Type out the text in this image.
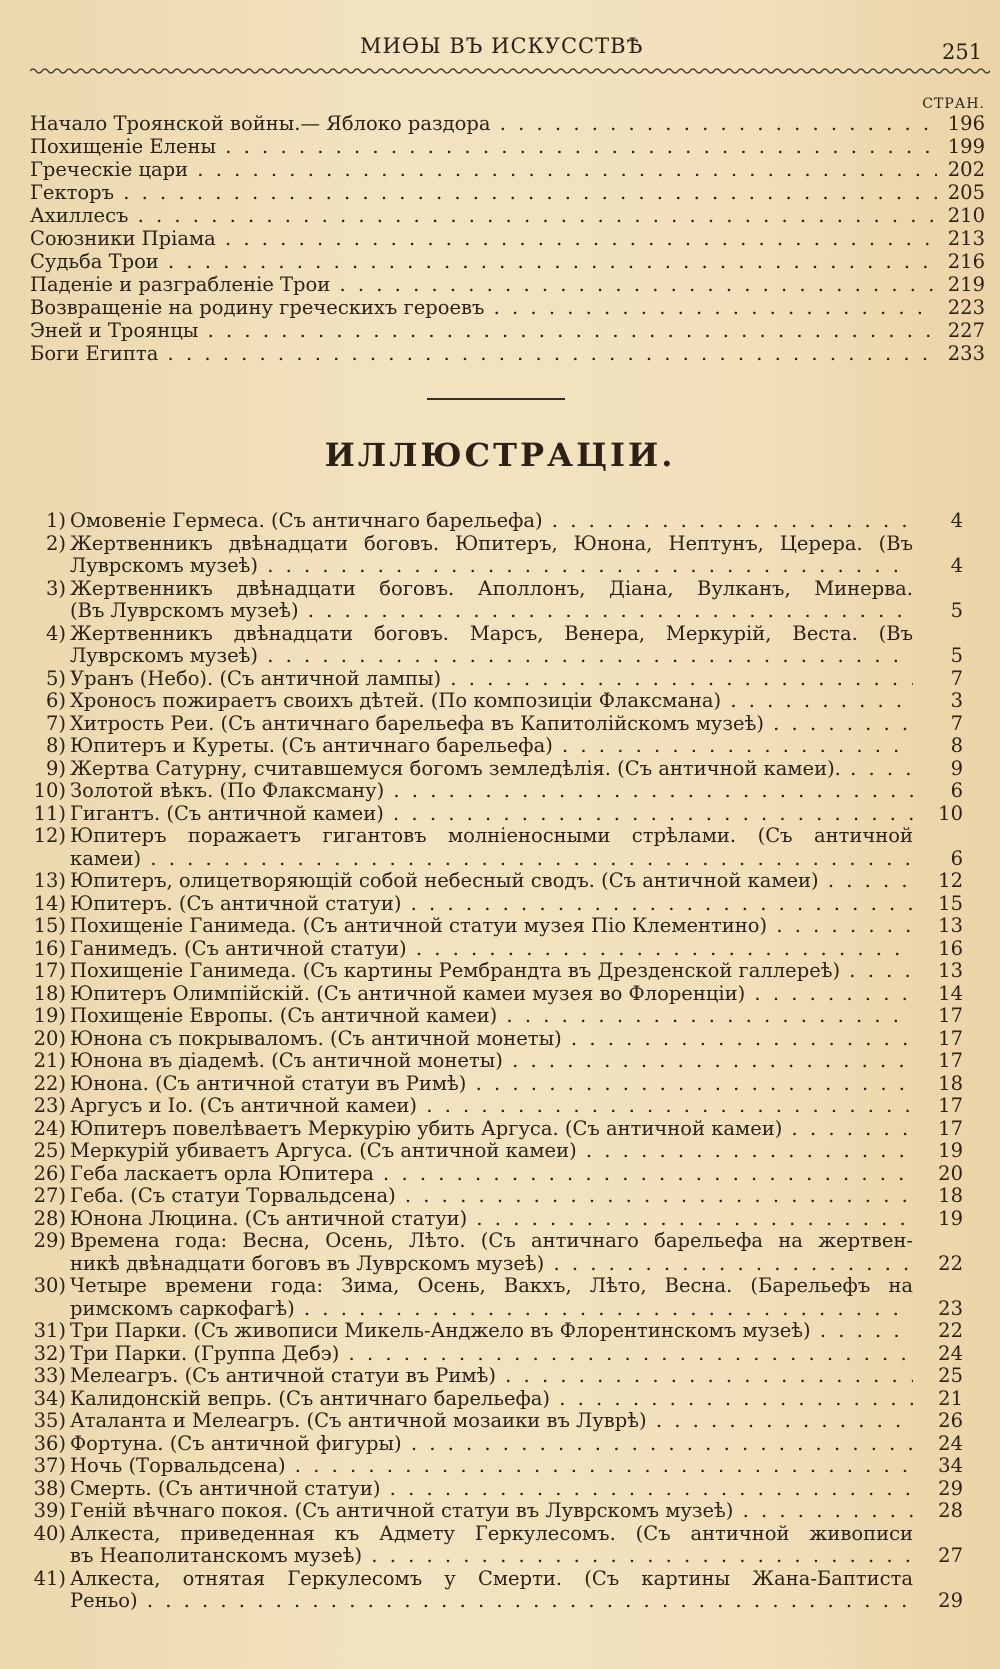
МИѲЫ ВЪ ИСКУССТВѢ	251
СТРАН.
Начало Троянской войны.— Яблоко раздора . . .	196
Похищеніе Елены . . .	199
Греческіе цари . . .	202
Гекторъ . . .	205
Ахиллесъ . . .	210
Союзники Пріама . . .	213
Судьба Трои . . .	216
Паденіе и разграбленіе Трои . . .	219
Возвращеніе на родину греческихъ героевъ . . .	223
Эней и Троянцы . . .	227
Боги Египта . . .	233
ИЛЛЮСТРАЦІИ.
1) Омовеніе Гермеса. (Съ античнаго барельефа) . . .	4
2) Жертвенникъ двѣнадцати боговъ. Юпитеръ, Юнона, Нептунъ, Церера. (Въ
Луврскомъ музеѣ) . . .	4
3) Жертвенникъ двѣнадцати боговъ. Аполлонъ, Діана, Вулканъ, Минерва.
(Въ Луврскомъ музеѣ) . . .	5
4) Жертвенникъ двѣнадцати боговъ. Марсъ, Венера, Меркурій, Веста. (Въ
Луврскомъ музеѣ) . . .	5
5) Уранъ (Небо). (Съ античной лампы) . . .	7
6) Хроносъ пожираетъ своихъ дѣтей. (По композиціи Флаксмана) . . .	3
7) Хитрость Реи. (Съ античнаго барельефа въ Капитолійскомъ музеѣ) . . .	7
8) Юпитеръ и Куреты. (Съ античнаго барельефа) . . .	8
9) Жертва Сатурну, считавшемуся богомъ земледѣлія. (Съ античной камеи). . . .	9
10) Золотой вѣкъ. (По Флаксману) . . .	6
11) Гигантъ. (Съ античной камеи) . . .	10
12) Юпитеръ поражаетъ гигантовъ молніеносными стрѣлами. (Съ античной
камеи) . . .	6
13) Юпитеръ, олицетворяющій собой небесный сводъ. (Съ античной камеи) . . .	12
14) Юпитеръ. (Съ античной статуи) . . .	15
15) Похищеніе Ганимеда. (Съ античной статуи музея Піо Клементино) . . .	13
16) Ганимедъ. (Съ античной статуи) . . .	16
17) Похищеніе Ганимеда. (Съ картины Рембрандта въ Дрезденской галлереѣ) . . .	13
18) Юпитеръ Олимпійскій. (Съ античной камеи музея во Флоренціи) . . .	14
19) Похищеніе Европы. (Съ античной камеи) . . .	17
20) Юнона съ покрываломъ. (Съ античной монеты) . . .	17
21) Юнона въ діадемѣ. (Съ античной монеты) . . .	17
22) Юнона. (Съ античной статуи въ Римѣ) . . .	18
23) Аргусъ и Іо. (Съ античной камеи) . . .	17
24) Юпитеръ повелѣваетъ Меркурію убить Аргуса. (Съ античной камеи) . . .	17
25) Меркурій убиваетъ Аргуса. (Съ античной камеи) . . .	19
26) Геба ласкаетъ орла Юпитера . . .	20
27) Геба. (Съ статуи Торвальдсена) . . .	18
28) Юнона Люцина. (Съ античной статуи) . . .	19
29) Времена года: Весна, Осень, Лѣто. (Съ античнаго барельефа на жертвен-
никѣ двѣнадцати боговъ въ Луврскомъ музеѣ) . . .	22
30) Четыре времени года: Зима, Осень, Вакхъ, Лѣто, Весна. (Барельефъ на
римскомъ саркофагѣ) . . .	23
31) Три Парки. (Съ живописи Микель-Анджело въ Флорентинскомъ музеѣ) . . .	22
32) Три Парки. (Группа Дебэ) . . .	24
33) Мелеагръ. (Съ античной статуи въ Римѣ) . . .	25
34) Калидонскій вепрь. (Съ античнаго барельефа) . . .	21
35) Аталанта и Мелеагръ. (Съ античной мозаики въ Луврѣ) . . .	26
36) Фортуна. (Съ античной фигуры) . . .	24
37) Ночь (Торвальдсена) . . .	34
38) Смерть. (Съ античной статуи) . . .	29
39) Геній вѣчнаго покоя. (Съ античной статуи въ Луврскомъ музеѣ) . . .	28
40) Алкеста, приведенная къ Адмету Геркулесомъ. (Съ античной живописи
въ Неаполитанскомъ музеѣ) . . .	27
41) Алкеста, отнятая Геркулесомъ у Смерти. (Съ картины Жана-Баптиста
Реньо) . . .	29
